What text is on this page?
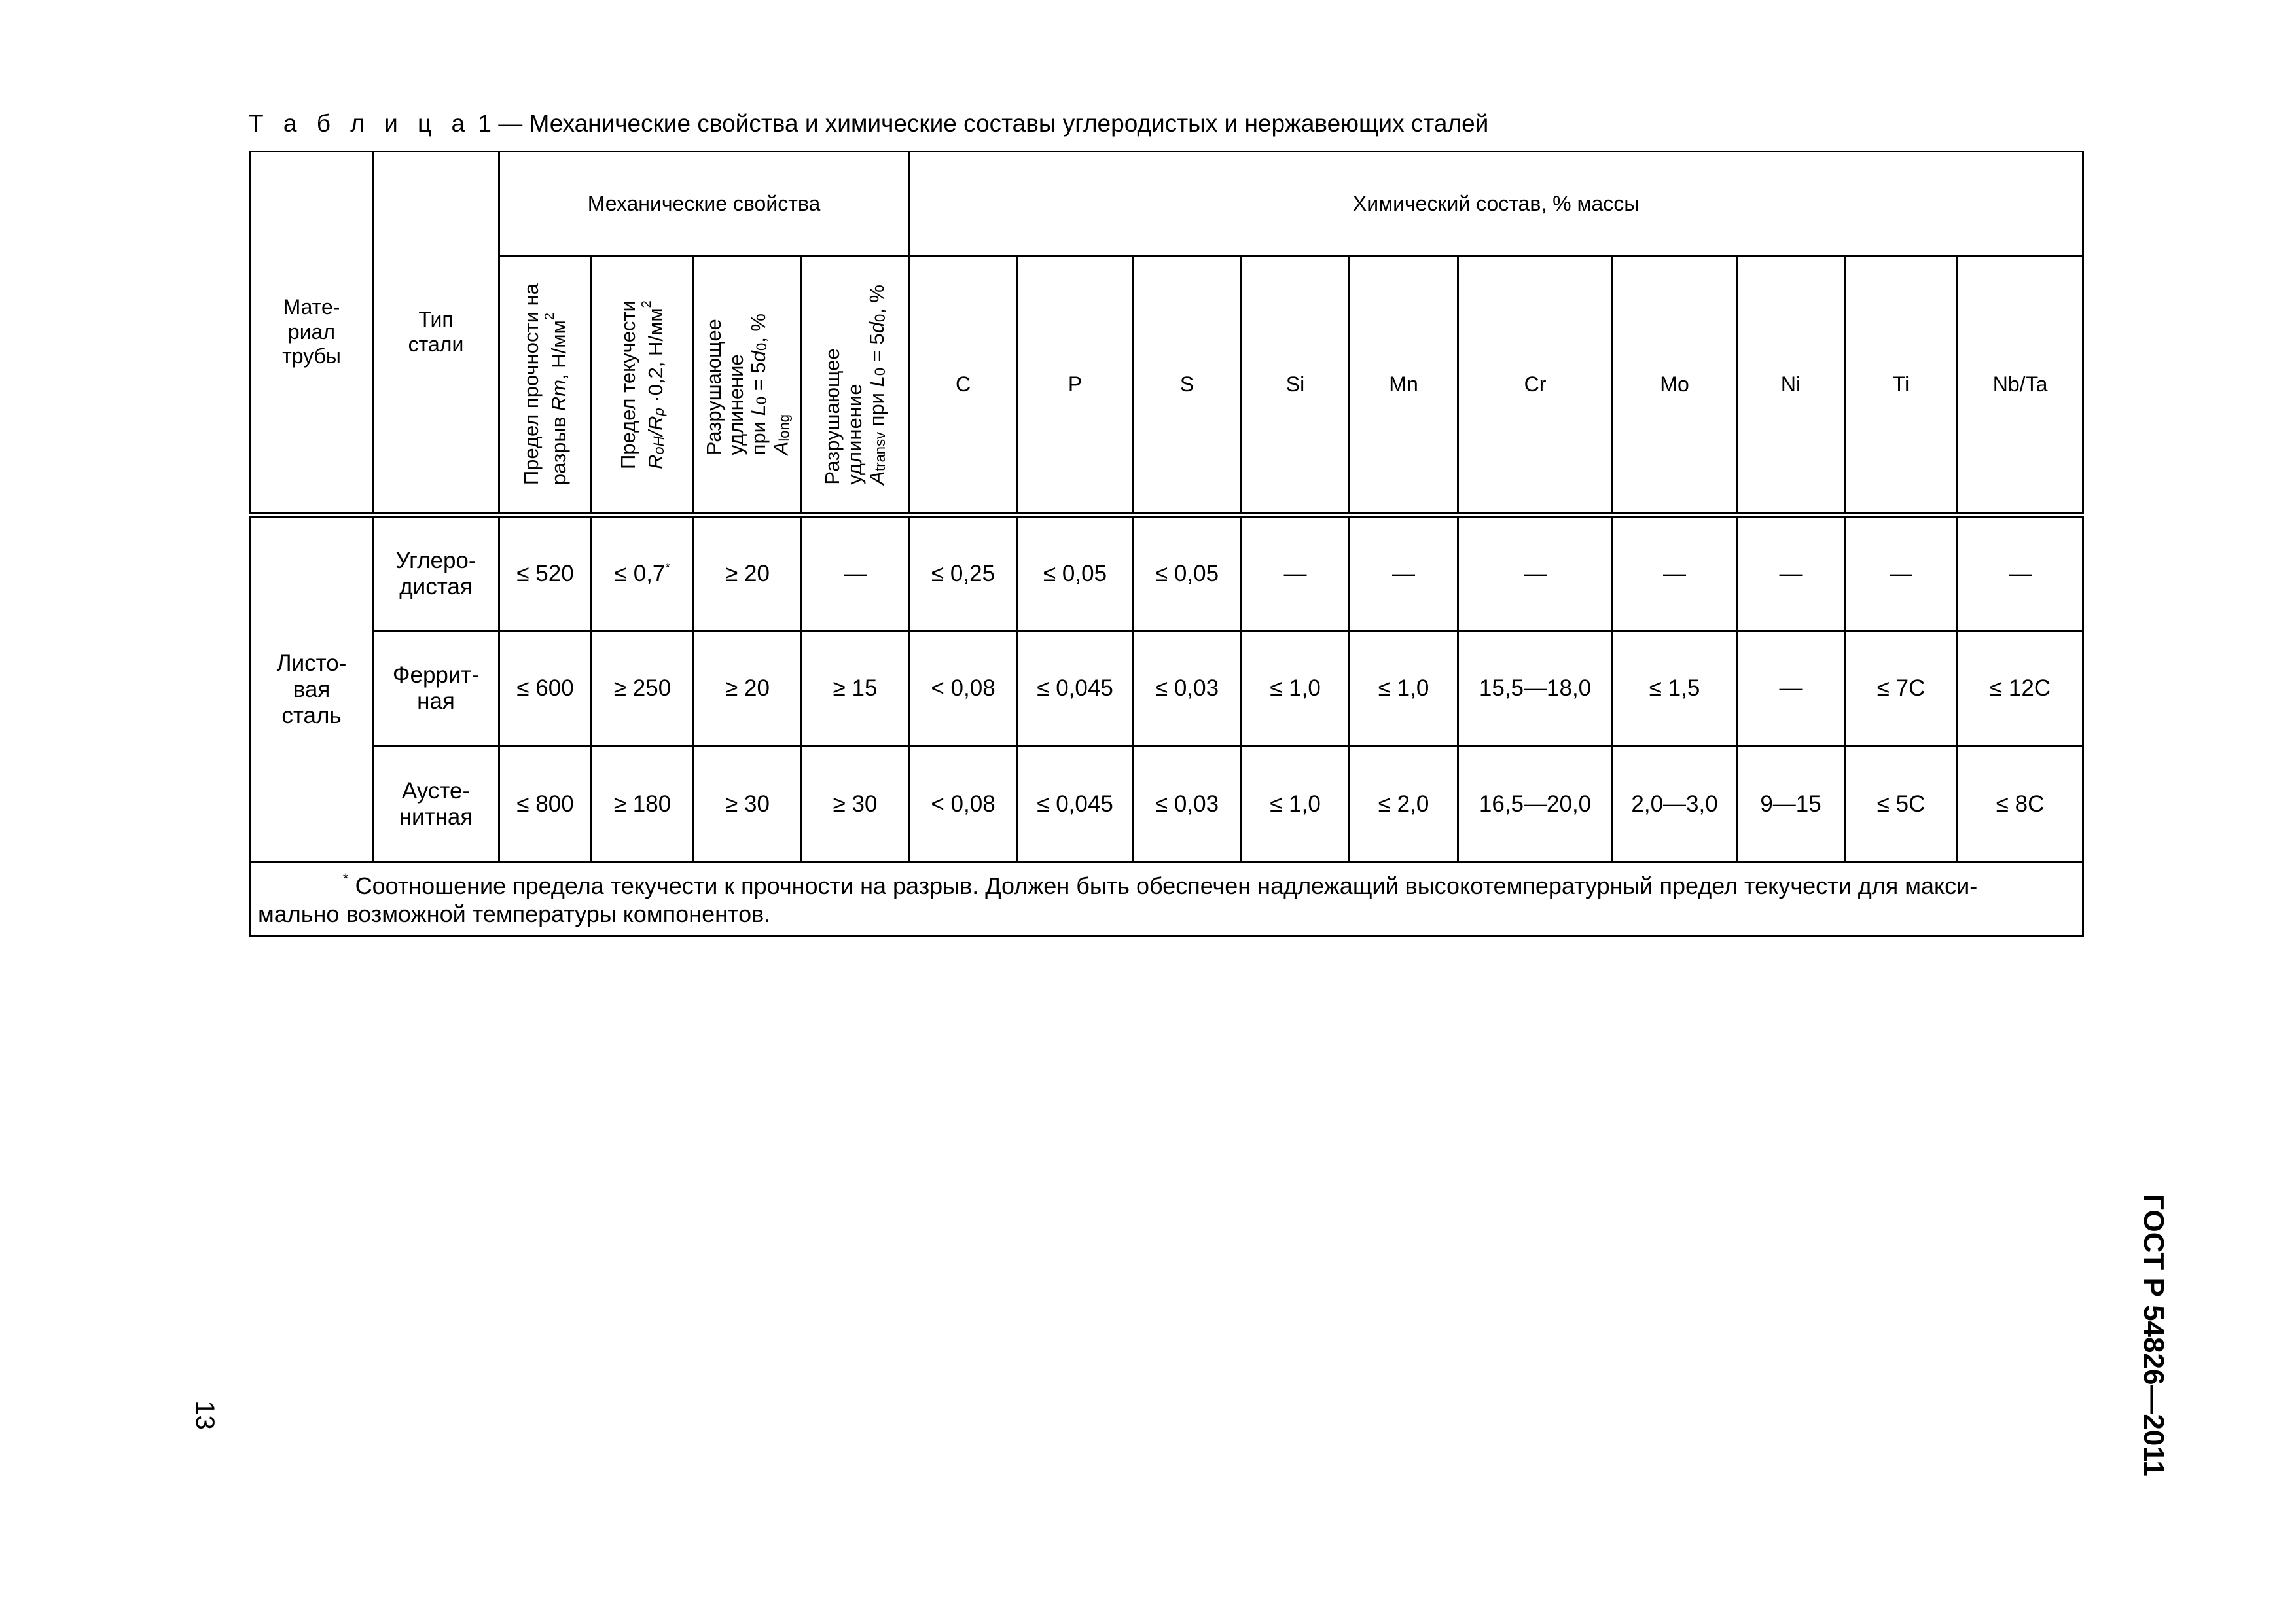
Т а б л и ц а 1 — Механические свойства и химические составы углеродистых и нержавеющих сталей
Мате-
риал
трубы	Тип
стали	Механические свойства				Химический состав, % массы									

		Предел прочности на разрыв Rm, $Н/мм^2$	Предел текучести $R_{oH}/R_p \cdot 0,2$, $Н/мм^2$	Разрушающее
удлинение
при $L_0 = 5d_0$, %
$A_{long}$	Разрушающее
удлинение
$A_{transv}$ при $L_0 = 5d_0$, %	C	P	S	Si	Mn	Cr	Mo	Ni	Ti	Nb/Ta
Листо-
вая
сталь	Углеро-
дистая	≤ 520	≤ 0,7*	≥ 20	—	≤ 0,25	≤ 0,05	≤ 0,05	—	—	—	—	—	—	—
	Феррит-
ная	≤ 600	≥ 250	≥ 20	≥ 15	< 0,08	≤ 0,045	≤ 0,03	≤ 1,0	≤ 1,0	15,5—18,0	≤ 1,5	—	≤ 7C	≤ 12C
	Аусте-
нитная	≤ 800	≥ 180	≥ 30	≥ 30	< 0,08	≤ 0,045	≤ 0,03	≤ 1,0	≤ 2,0	16,5—20,0	2,0—3,0	9—15	≤ 5C	≤ 8C
* Соотношение предела текучести к прочности на разрыв. Должен быть обеспечен надлежащий высокотемпературный предел текучести для макси-
мально возможной температуры компонентов.															
13	ГОСТ Р 54826—2011
